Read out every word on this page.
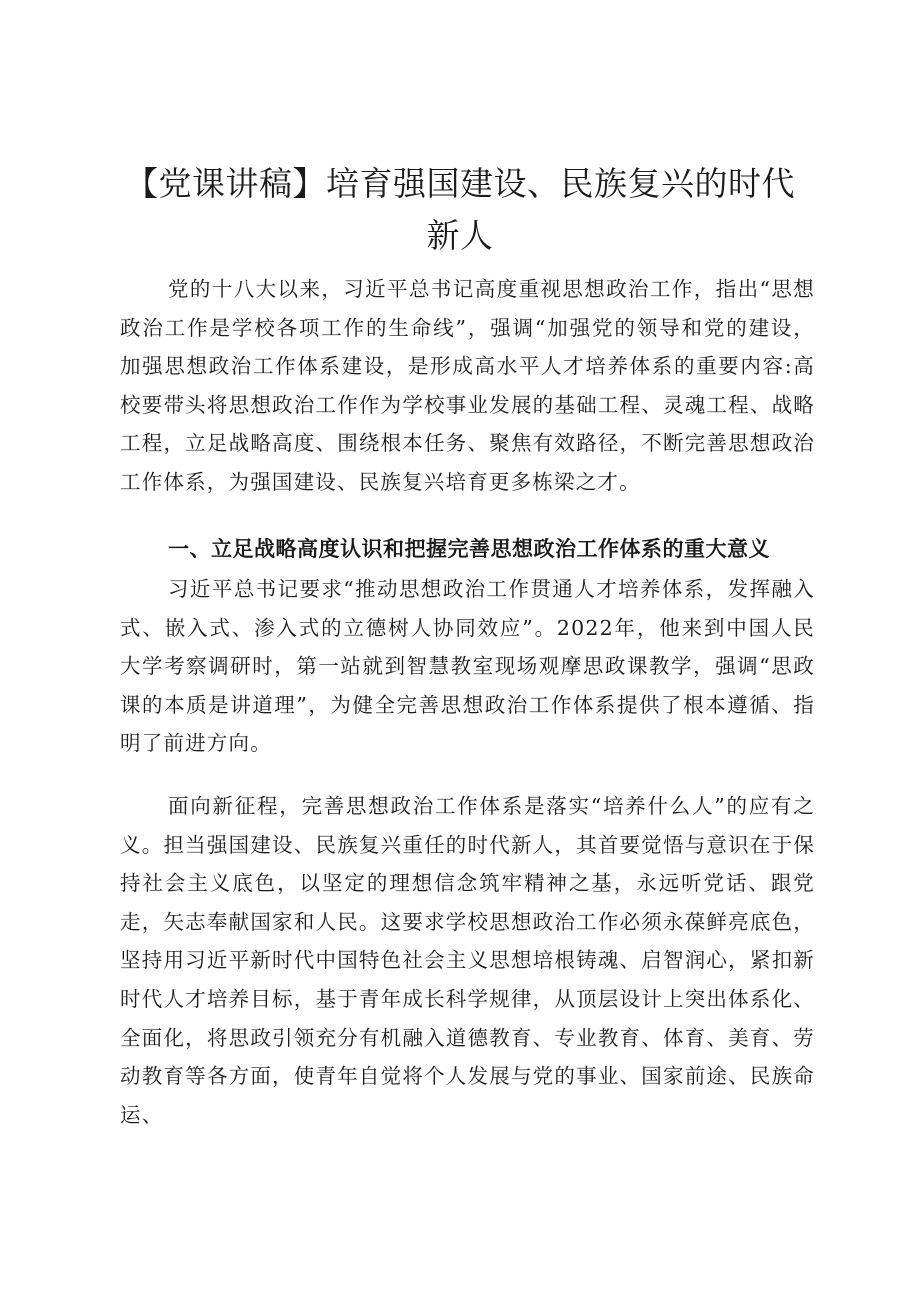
【党课讲稿】培育强国建设、民族复兴的时代新人

党的十八大以来，习近平总书记高度重视思想政治工作，指出“思想政治工作是学校各项工作的生命线”，强调“加强党的领导和党的建设，加强思想政治工作体系建设，是形成高水平人才培养体系的重要内容:高校要带头将思想政治工作作为学校事业发展的基础工程、灵魂工程、战略工程，立足战略高度、围绕根本任务、聚焦有效路径，不断完善思想政治工作体系，为强国建设、民族复兴培育更多栋梁之才。

一、立足战略高度认识和把握完善思想政治工作体系的重大意义

习近平总书记要求“推动思想政治工作贯通人才培养体系，发挥融入式、嵌入式、渗入式的立德树人协同效应”。2022年，他来到中国人民大学考察调研时，第一站就到智慧教室现场观摩思政课教学，强调“思政课的本质是讲道理”，为健全完善思想政治工作体系提供了根本遵循、指明了前进方向。

面向新征程，完善思想政治工作体系是落实“培养什么人”的应有之义。担当强国建设、民族复兴重任的时代新人，其首要觉悟与意识在于保持社会主义底色，以坚定的理想信念筑牢精神之基，永远听党话、跟党走，矢志奉献国家和人民。这要求学校思想政治工作必须永葆鲜亮底色，坚持用习近平新时代中国特色社会主义思想培根铸魂、启智润心，紧扣新时代人才培养目标，基于青年成长科学规律，从顶层设计上突出体系化、全面化，将思政引领充分有机融入道德教育、专业教育、体育、美育、劳动教育等各方面，使青年自觉将个人发展与党的事业、国家前途、民族命运、
